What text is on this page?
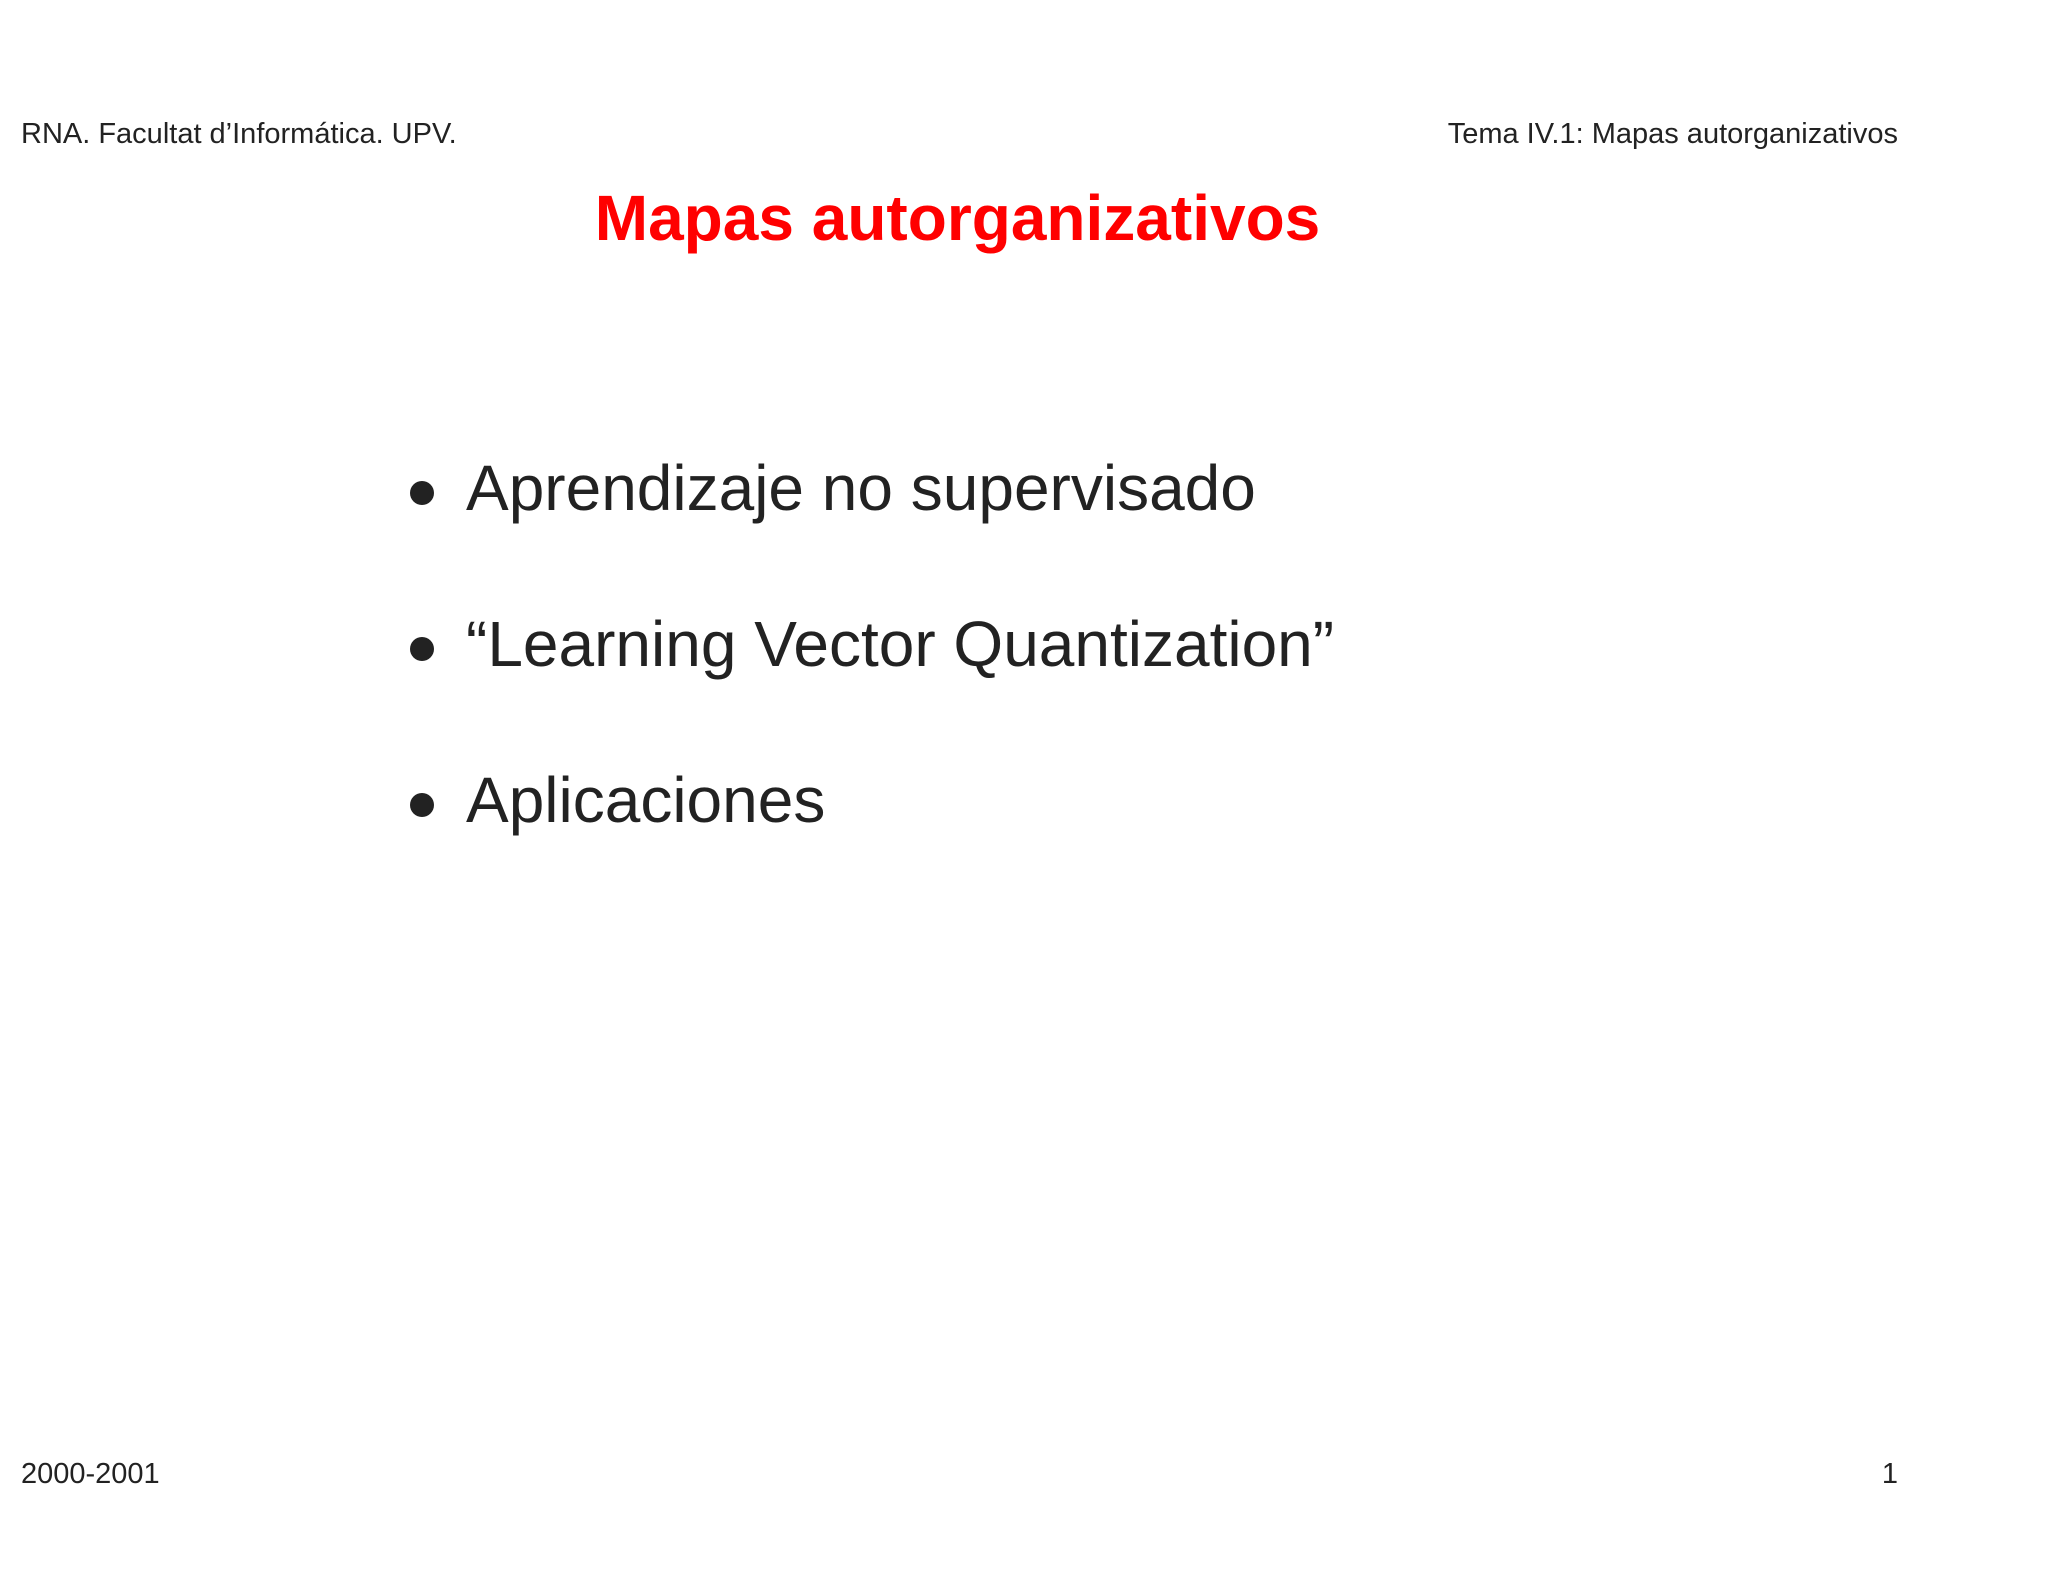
RNA. Facultat d’Informática. UPV.	Tema IV.1: Mapas autorganizativos
Mapas autorganizativos
Aprendizaje no supervisado
“Learning Vector Quantization”
Aplicaciones
2000-2001	1
